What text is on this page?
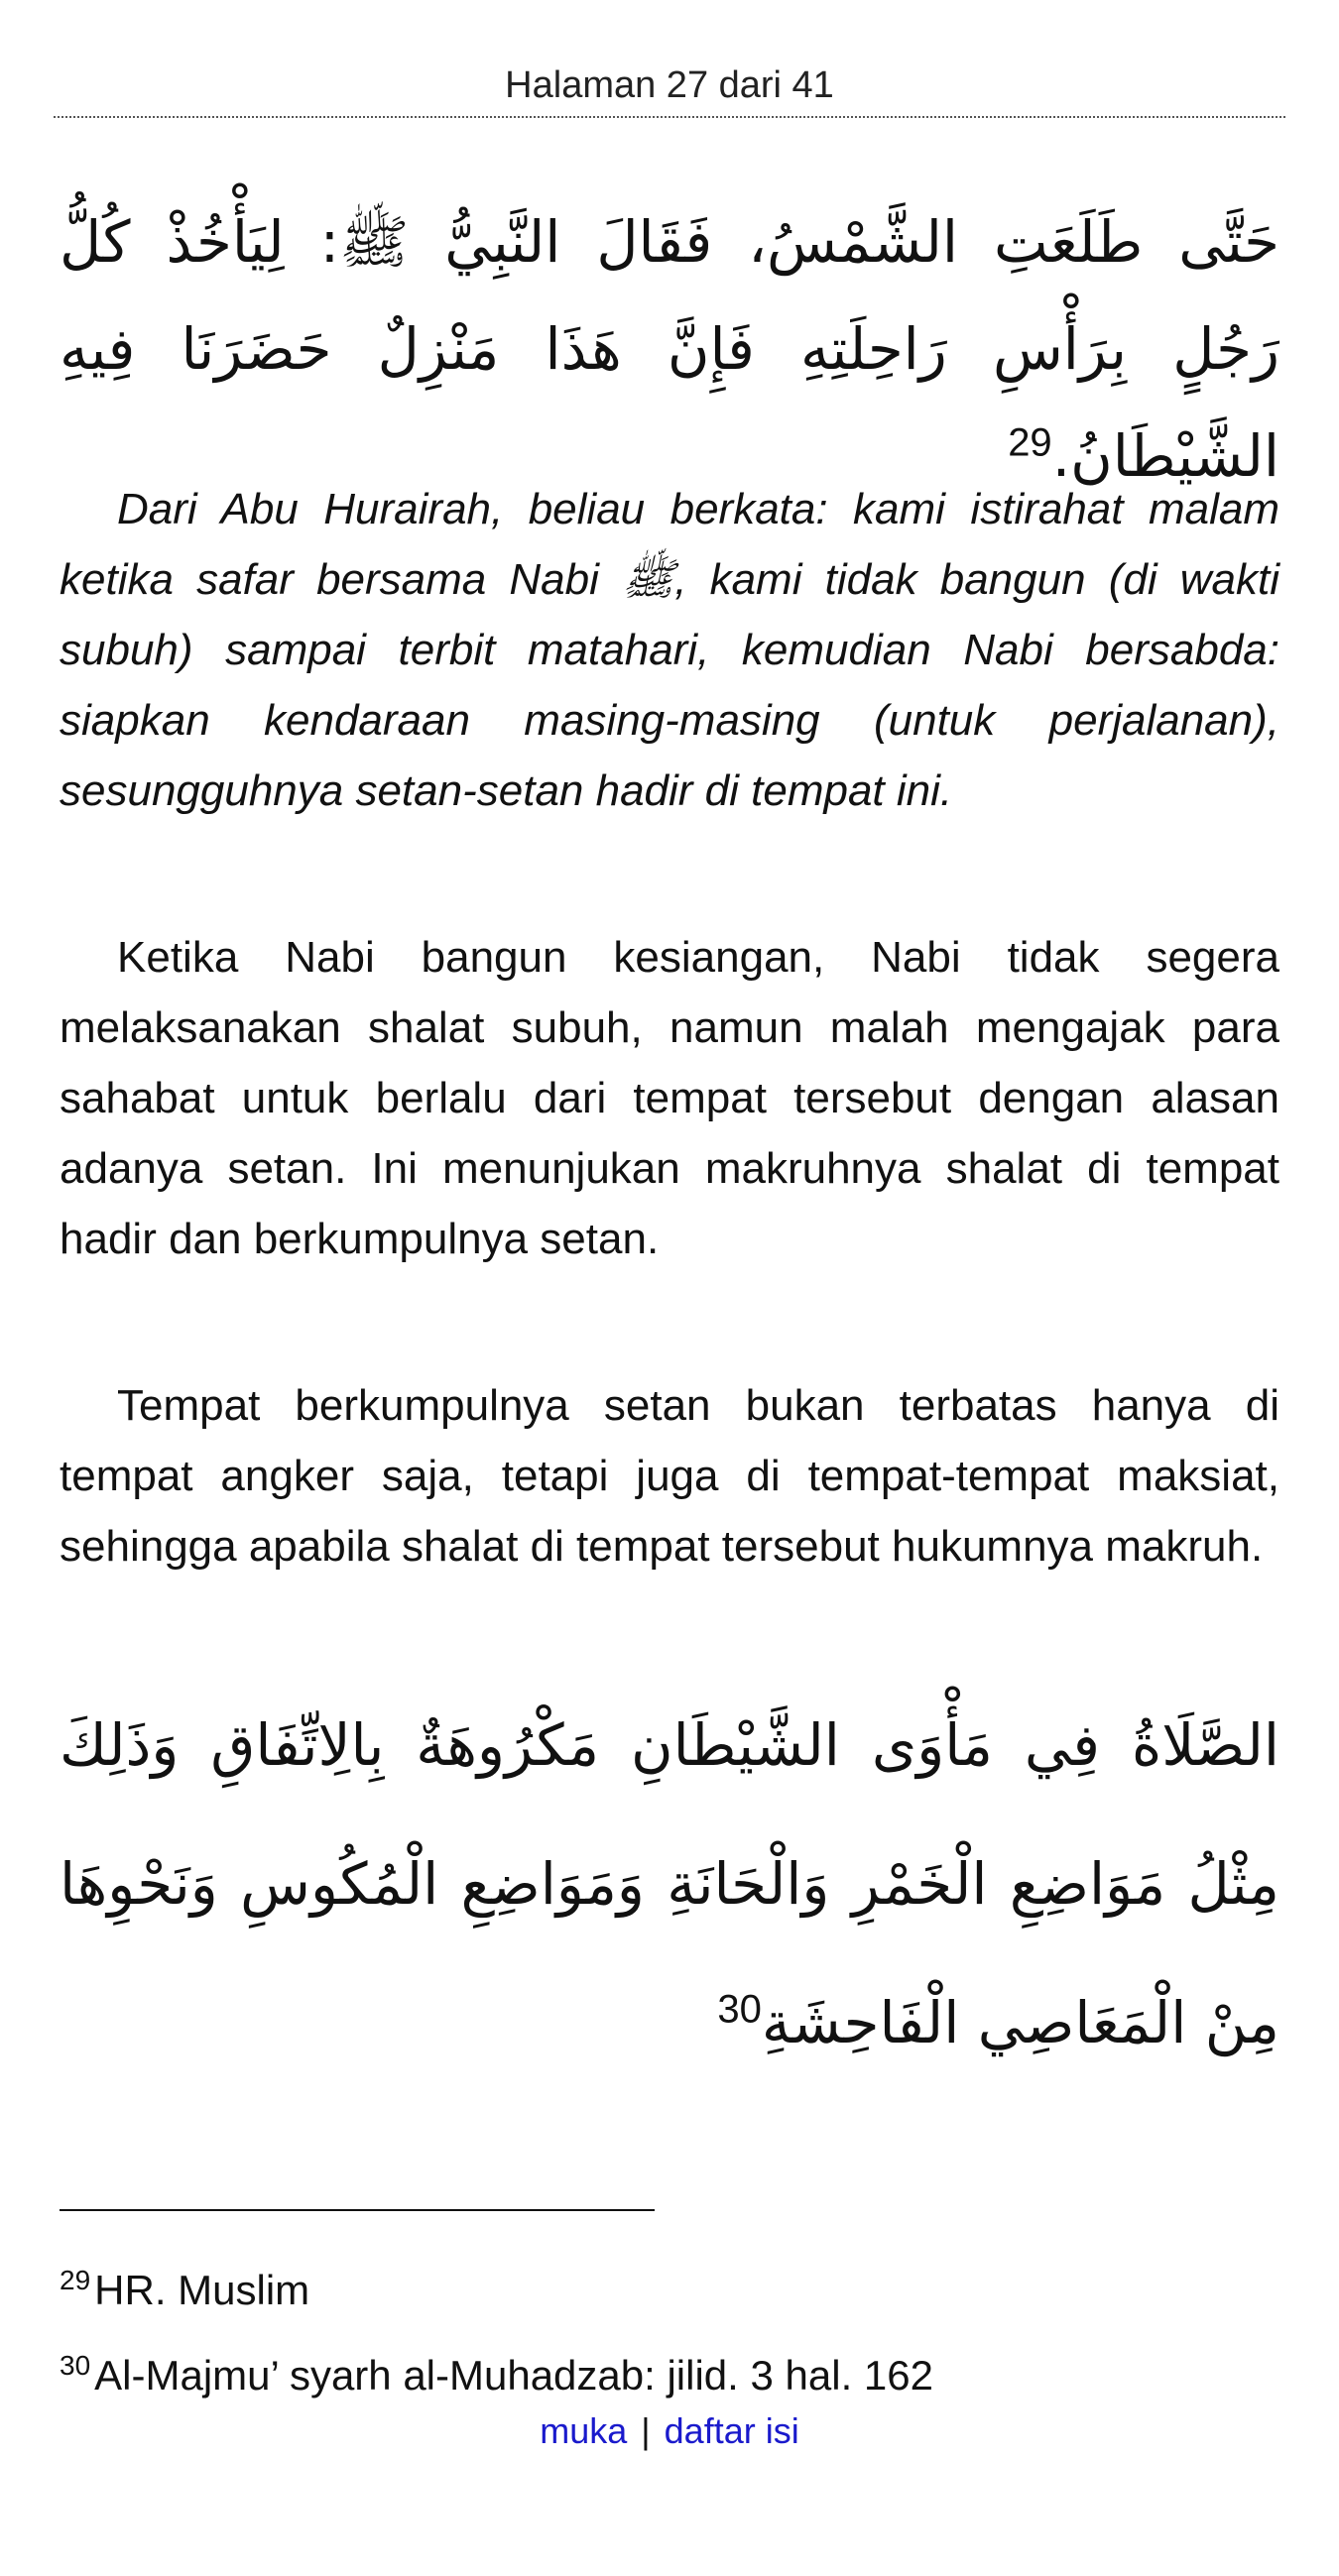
Halaman 27 dari 41
حَتَّى طَلَعَتِ الشَّمْسُ، فَقَالَ النَّبِيُّ ﷺ: لِيَأْخُذْ كُلُّ رَجُلٍ بِرَأْسِ رَاحِلَتِهِ فَإِنَّ هَذَا مَنْزِلٌ حَضَرَنَا فِيهِ الشَّيْطَانُ.$^{29}$

Dari Abu Hurairah, beliau berkata: kami istirahat malam ketika safar bersama Nabi ﷺ, kami tidak bangun (di wakti subuh) sampai terbit matahari, kemudian Nabi bersabda: siapkan kendaraan masing-masing (untuk perjalanan), sesungguhnya setan-setan hadir di tempat ini.

Ketika Nabi bangun kesiangan, Nabi tidak segera melaksanakan shalat subuh, namun malah mengajak para sahabat untuk berlalu dari tempat tersebut dengan alasan adanya setan. Ini menunjukan makruhnya shalat di tempat hadir dan berkumpulnya setan.

Tempat berkumpulnya setan bukan terbatas hanya di tempat angker saja, tetapi juga di tempat-tempat maksiat, sehingga apabila shalat di tempat tersebut hukumnya makruh.

الصَّلَاةُ فِي مَأْوَى الشَّيْطَانِ مَكْرُوهَةٌ بِالِاتِّفَاقِ وَذَلِكَ مِثْلُ مَوَاضِعِ الْخَمْرِ وَالْحَانَةِ وَمَوَاضِعِ الْمُكُوسِ وَنَحْوِهَا مِنْ الْمَعَاصِي الْفَاحِشَةِ$^{30}$
$^{29}$HR. Muslim
$^{30}$Al-Majmu’ syarh al-Muhadzab: jilid. 3 hal. 162
muka | daftar isi
